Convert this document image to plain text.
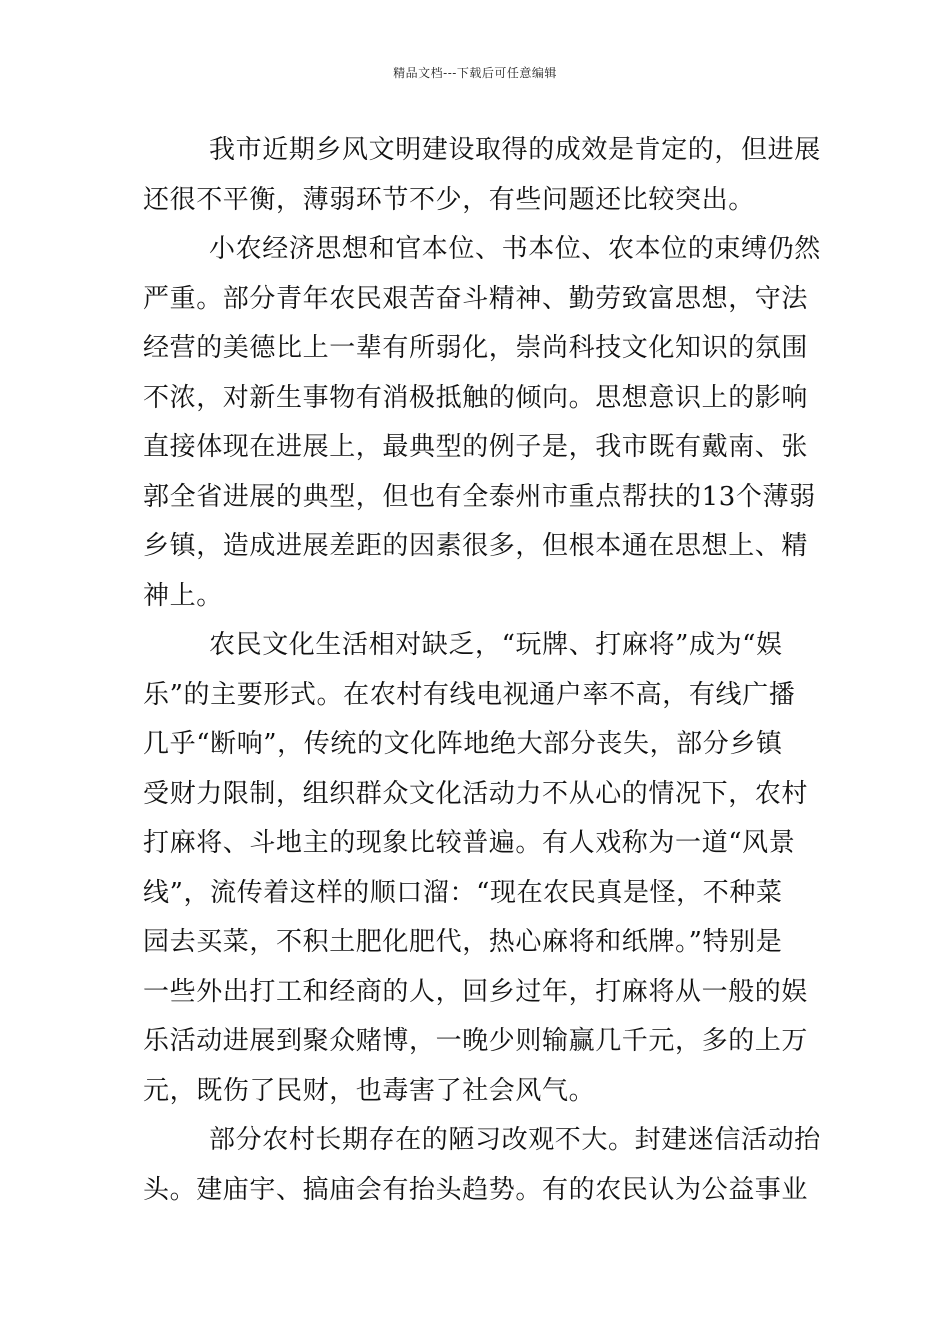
精品文档---下载后可任意编辑
我市近期乡风文明建设取得的成效是肯定的，但进展
还很不平衡，薄弱环节不少，有些问题还比较突出。
小农经济思想和官本位、书本位、农本位的束缚仍然
严重。部分青年农民艰苦奋斗精神、勤劳致富思想，守法
经营的美德比上一辈有所弱化，崇尚科技文化知识的氛围
不浓，对新生事物有消极抵触的倾向。思想意识上的影响
直接体现在进展上，最典型的例子是，我市既有戴南、张
郭全省进展的典型，但也有全泰州市重点帮扶的13个薄弱
乡镇，造成进展差距的因素很多，但根本通在思想上、精
神上。
农民文化生活相对缺乏，“玩牌、打麻将”成为“娱
乐”的主要形式。在农村有线电视通户率不高，有线广播
几乎“断响”，传统的文化阵地绝大部分丧失，部分乡镇
受财力限制，组织群众文化活动力不从心的情况下，农村
打麻将、斗地主的现象比较普遍。有人戏称为一道“风景
线”，流传着这样的顺口溜：“现在农民真是怪，不种菜
园去买菜，不积土肥化肥代，热心麻将和纸牌。”特别是
一些外出打工和经商的人，回乡过年，打麻将从一般的娱
乐活动进展到聚众赌博，一晚少则输赢几千元，多的上万
元，既伤了民财，也毒害了社会风气。
部分农村长期存在的陋习改观不大。封建迷信活动抬
头。建庙宇、搞庙会有抬头趋势。有的农民认为公益事业
